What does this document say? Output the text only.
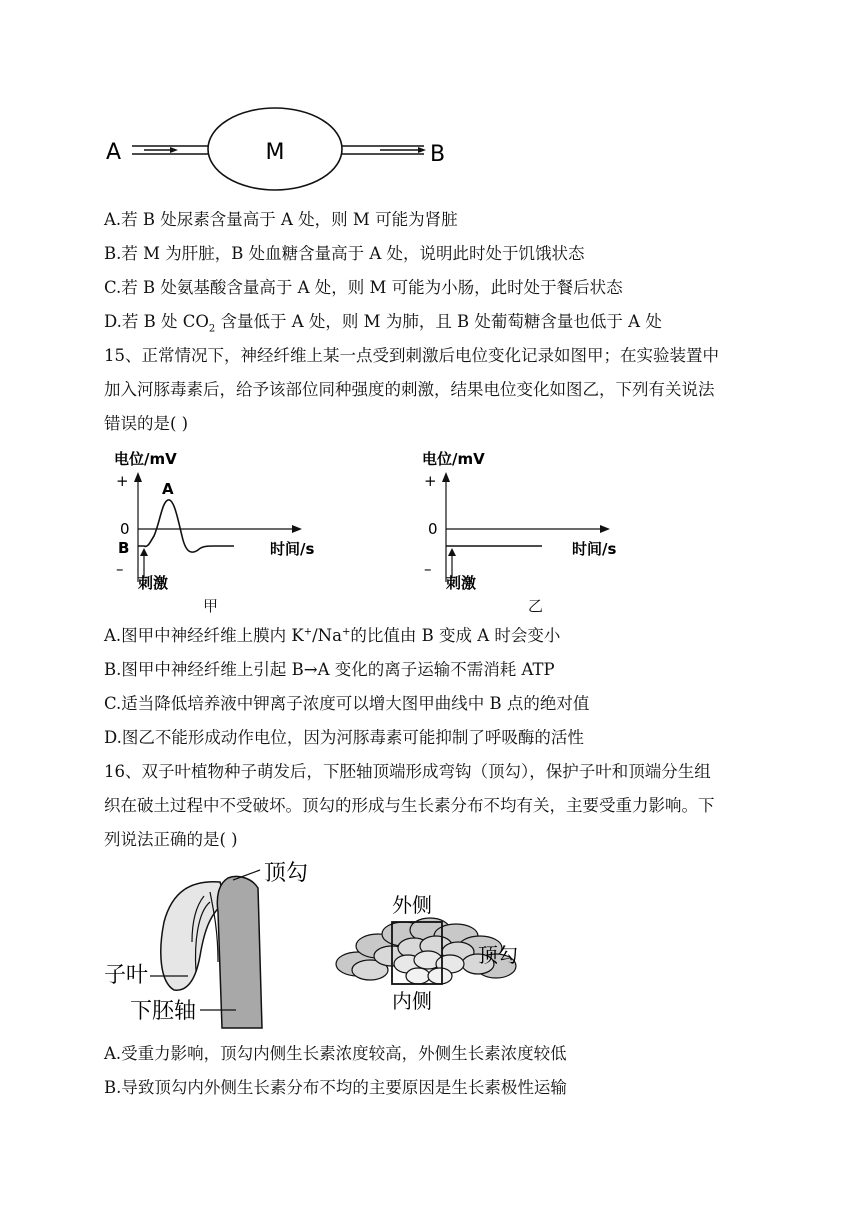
A	M	B
A.若 B 处尿素含量高于 A 处，则 M 可能为肾脏
B.若 M 为肝脏，B 处血糖含量高于 A 处，说明此时处于饥饿状态
C.若 B 处氨基酸含量高于 A 处，则 M 可能为小肠，此时处于餐后状态
D.若 B 处 $CO_2$ 含量低于 A 处，则 M 为肺，且 B 处葡萄糖含量也低于 A 处
15、正常情况下，神经纤维上某一点受到刺激后电位变化记录如图甲；在实验装置中
加入河豚毒素后，给予该部位同种强度的刺激，结果电位变化如图乙，下列有关说法
错误的是( )
电位/mV
+
0
B
–
A
时间/s
刺激
甲
电位/mV
+
0
–
时间/s
刺激
乙
A.图甲中神经纤维上膜内 K+/Na+的比值由 B 变成 A 时会变小
B.图甲中神经纤维上引起 B→A 变化的离子运输不需消耗 ATP
C.适当降低培养液中钾离子浓度可以增大图甲曲线中 B 点的绝对值
D.图乙不能形成动作电位，因为河豚毒素可能抑制了呼吸酶的活性
16、双子叶植物种子萌发后，下胚轴顶端形成弯钩（顶勾），保护子叶和顶端分生组
织在破土过程中不受破坏。顶勾的形成与生长素分布不均有关，主要受重力影响。下
列说法正确的是( )
顶勾
子叶
下胚轴
外侧
内侧
顶勾
A.受重力影响，顶勾内侧生长素浓度较高，外侧生长素浓度较低
B.导致顶勾内外侧生长素分布不均的主要原因是生长素极性运输
